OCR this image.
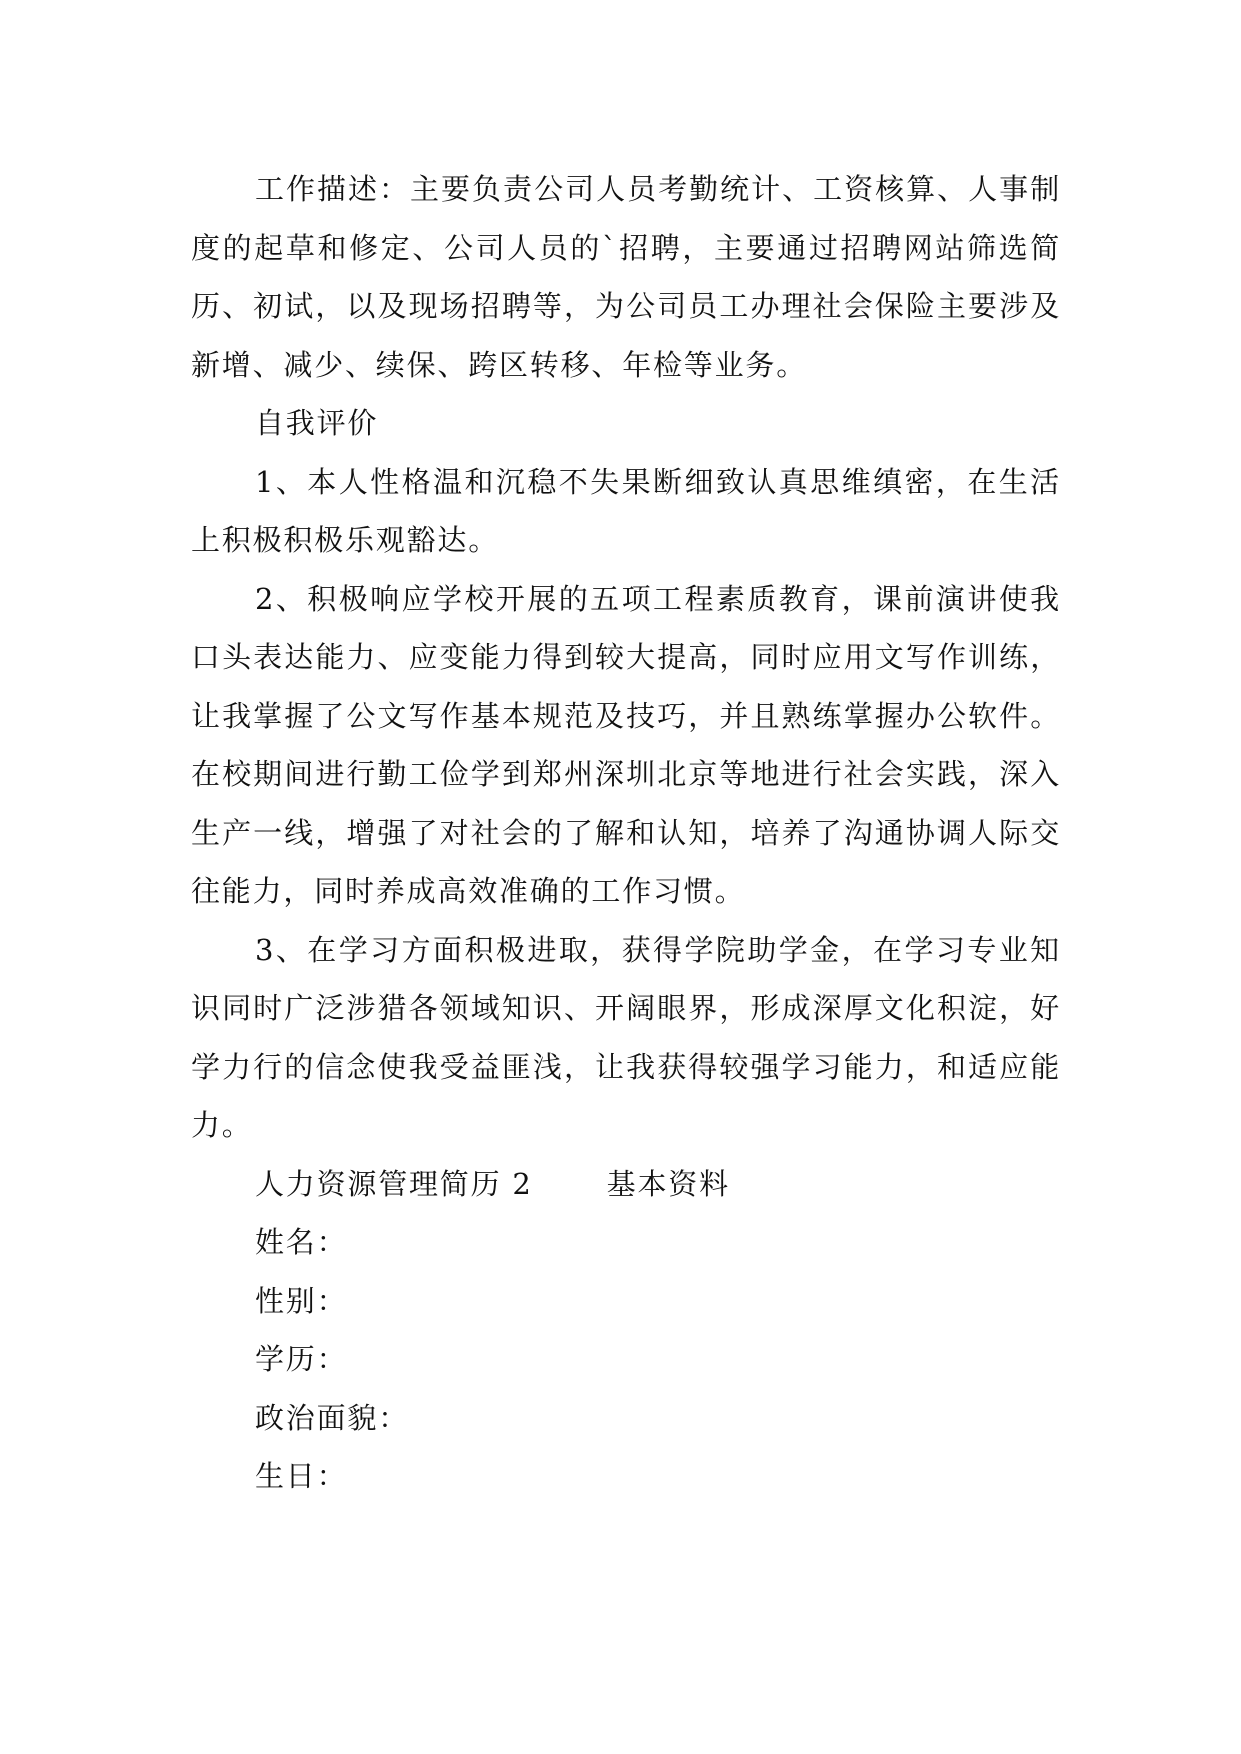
工作描述：主要负责公司人员考勤统计、工资核算、人事制度的起草和修定、公司人员的`招聘，主要通过招聘网站筛选简历、初试，以及现场招聘等，为公司员工办理社会保险主要涉及新增、减少、续保、跨区转移、年检等业务。

自我评价

1、本人性格温和沉稳不失果断细致认真思维缜密，在生活上积极积极乐观豁达。

2、积极响应学校开展的五项工程素质教育，课前演讲使我口头表达能力、应变能力得到较大提高，同时应用文写作训练，让我掌握了公文写作基本规范及技巧，并且熟练掌握办公软件。在校期间进行勤工俭学到郑州深圳北京等地进行社会实践，深入生产一线，增强了对社会的了解和认知，培养了沟通协调人际交往能力，同时养成高效准确的工作习惯。

3、在学习方面积极进取，获得学院助学金，在学习专业知识同时广泛涉猎各领域知识、开阔眼界，形成深厚文化积淀，好学力行的信念使我受益匪浅，让我获得较强学习能力，和适应能力。

人力资源管理简历 2	基本资料

姓名：

性别：

学历：

政治面貌：

生日：
